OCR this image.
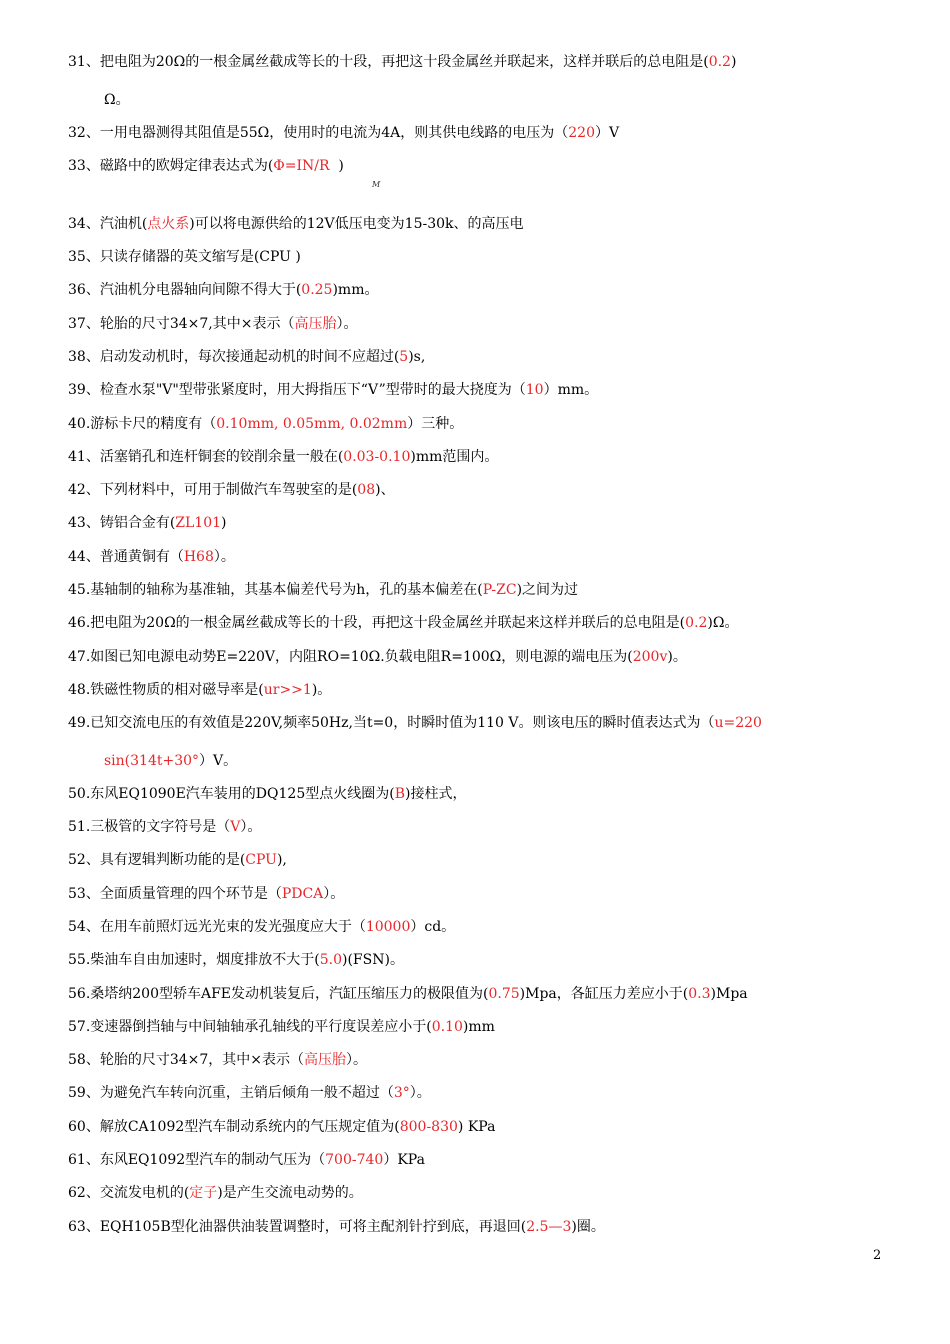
31、把电阻为20Ω的一根金属丝截成等长的十段，再把这十段金属丝并联起来，这样并联后的总电阻是(0.2)
Ω。
32、一用电器测得其阻值是55Ω，使用时的电流为4A，则其供电线路的电压为（220）V
33、磁路中的欧姆定律表达式为(Φ=IN/R  )
34、汽油机(点火系)可以将电源供给的12V低压电变为15-30k、的高压电
35、只读存储器的英文缩写是(CPU )
36、汽油机分电器轴向间隙不得大于(0.25)mm。
37、轮胎的尺寸34×7,其中×表示（高压胎）。
38、启动发动机时，每次接通起动机的时间不应超过(5)s,
39、检查水泵"V"型带张紧度时，用大拇指压下“V”型带时的最大挠度为（10）mm。
40.游标卡尺的精度有（0.10mm, 0.05mm, 0.02mm）三种。
41、活塞销孔和连杆铜套的铰削余量一般在(0.03-0.10)mm范围内。
42、下列材料中，可用于制做汽车驾驶室的是(08)、
43、铸铝合金有(ZL101)
44、普通黄铜有（H68）。
45.基轴制的轴称为基准轴，其基本偏差代号为h，孔的基本偏差在(P-ZC)之间为过
46.把电阻为20Ω的一根金属丝截成等长的十段，再把这十段金属丝并联起来这样并联后的总电阻是(0.2)Ω。
47.如图已知电源电动势E=220V，内阻RO=10Ω.负载电阻R=100Ω，则电源的端电压为(200v)。
48.铁磁性物质的相对磁导率是(ur>>1)。
49.已知交流电压的有效值是220V,频率50Hz,当t=0，时瞬时值为110 V。则该电压的瞬时值表达式为（u=220
sin(314t+30°）V。
50.东风EQ1090E汽车装用的DQ125型点火线圈为(B)接柱式，
51.三极管的文字符号是（V）。
52、具有逻辑判断功能的是(CPU),
53、全面质量管理的四个环节是（PDCA）。
54、在用车前照灯远光光束的发光强度应大于（10000）cd。
55.柴油车自由加速时，烟度排放不大于(5.0)(FSN)。
56.桑塔纳200型轿车AFE发动机装复后，汽缸压缩压力的极限值为(0.75)Mpa，各缸压力差应小于(0.3)Mpa
57.变速器倒挡轴与中间轴轴承孔轴线的平行度误差应小于(0.10)mm
58、轮胎的尺寸34×7，其中×表示（高压胎）。
59、为避免汽车转向沉重，主销后倾角一般不超过（3°）。
60、解放CA1092型汽车制动系统内的气压规定值为(800-830) KPa
61、东风EQ1092型汽车的制动气压为（700-740）KPa
62、交流发电机的(定子)是产生交流电动势的。
63、EQH105B型化油器供油装置调整时，可将主配剂针拧到底，再退回(2.5—3)圈。
M
2
